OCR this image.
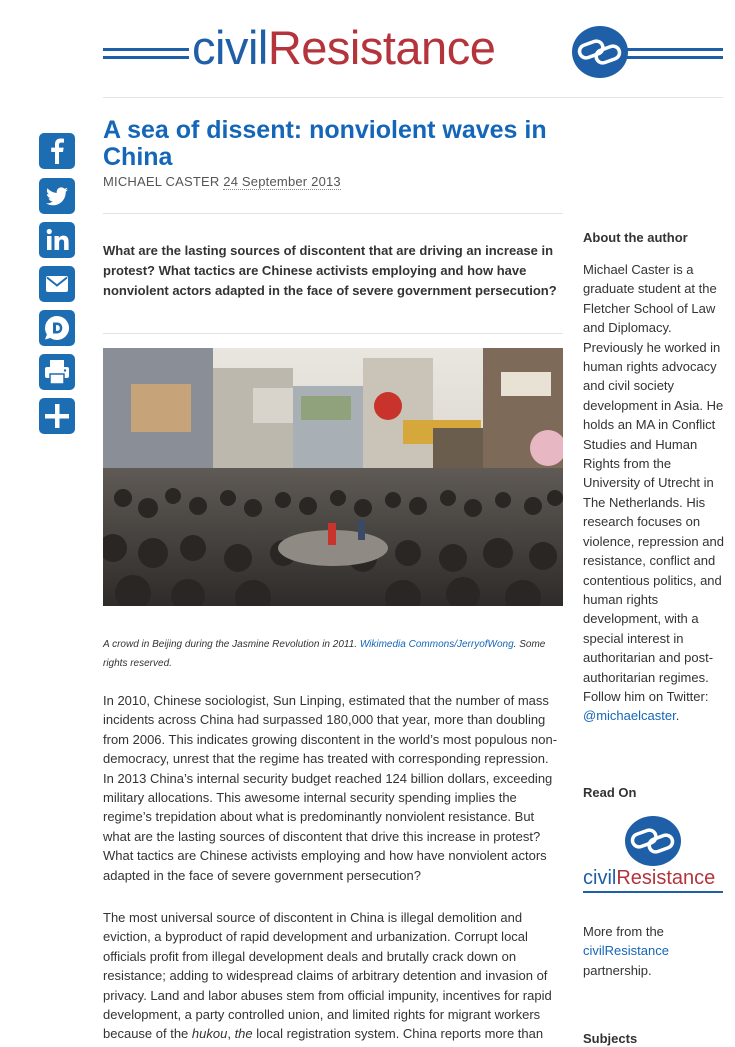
civilResistance
A sea of dissent: nonviolent waves in China
MICHAEL CASTER 24 September 2013

What are the lasting sources of discontent that are driving an increase in protest? What tactics are Chinese activists employing and how have nonviolent actors adapted in the face of severe government persecution?

A crowd in Beijing during the Jasmine Revolution in 2011. Wikimedia Commons/JerryofWong. Some rights reserved.

In 2010, Chinese sociologist, Sun Linping, estimated that the number of mass incidents across China had surpassed 180,000 that year, more than doubling from 2006. This indicates growing discontent in the world’s most populous non-democracy, unrest that the regime has treated with corresponding repression. In 2013 China’s internal security budget reached 124 billion dollars, exceeding military allocations. This awesome internal security spending implies the regime’s trepidation about what is predominantly nonviolent resistance. But what are the lasting sources of discontent that drive this increase in protest? What tactics are Chinese activists employing and how have nonviolent actors adapted in the face of severe government persecution?

The most universal source of discontent in China is illegal demolition and eviction, a byproduct of rapid development and urbanization. Corrupt local officials profit from illegal development deals and brutally crack down on resistance; adding to widespread claims of arbitrary detention and invasion of privacy. Land and labor abuses stem from official impunity, incentives for rapid development, a party controlled union, and limited rights for migrant workers because of the hukou, the local registration system. China reports more than

About the author

Michael Caster is a graduate student at the Fletcher School of Law and Diplomacy. Previously he worked in human rights advocacy and civil society development in Asia. He holds an MA in Conflict Studies and Human Rights from the University of Utrecht in The Netherlands. His research focuses on violence, repression and resistance, conflict and contentious politics, and human rights development, with a special interest in authoritarian and post-authoritarian regimes. Follow him on Twitter: @michaelcaster.

Read On
civilResistance

More from the civilResistance partnership.

Subjects
